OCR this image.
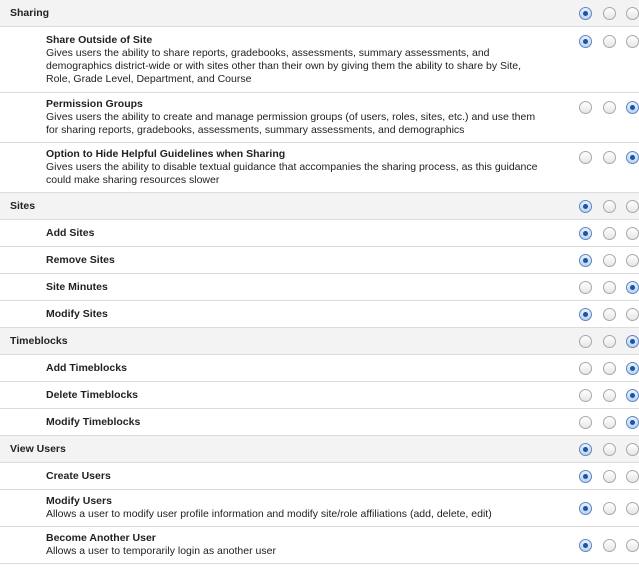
Sharing
Share Outside of Site
Gives users the ability to share reports, gradebooks, assessments, summary assessments, and demographics district-wide or with sites other than their own by giving them the ability to share by Site, Role, Grade Level, Department, and Course
Permission Groups
Gives users the ability to create and manage permission groups (of users, roles, sites, etc.) and use them for sharing reports, gradebooks, assessments, summary assessments, and demographics
Option to Hide Helpful Guidelines when Sharing
Gives users the ability to disable textual guidance that accompanies the sharing process, as this guidance could make sharing resources slower
Sites
Add Sites
Remove Sites
Site Minutes
Modify Sites
Timeblocks
Add Timeblocks
Delete Timeblocks
Modify Timeblocks
View Users
Create Users
Modify Users
Allows a user to modify user profile information and modify site/role affiliations (add, delete, edit)
Become Another User
Allows a user to temporarily login as another user
